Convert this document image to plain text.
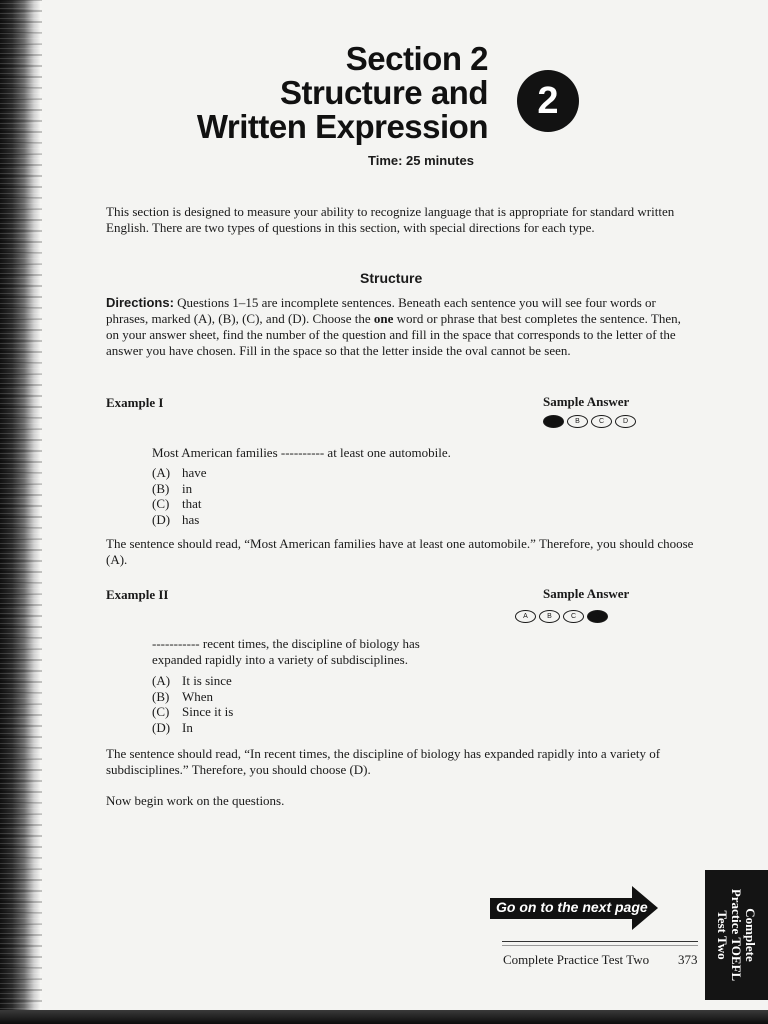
Section 2
Structure and
Written Expression
2
Time: 25 minutes
This section is designed to measure your ability to recognize language that is appropriate for standard written English. There are two types of questions in this section, with special directions for each type.
Structure
Directions: Questions 1–15 are incomplete sentences. Beneath each sentence you will see four words or phrases, marked (A), (B), (C), and (D). Choose the one word or phrase that best completes the sentence. Then, on your answer sheet, find the number of the question and fill in the space that corresponds to the letter of the answer you have chosen. Fill in the space so that the letter inside the oval cannot be seen.
Example I	Sample Answer
A	B	C	D
Most American families ---------- at least one automobile.
(A) have
(B) in
(C) that
(D) has
The sentence should read, “Most American families have at least one automobile.” Therefore, you should choose (A).
Example II	Sample Answer
A	B	C	D
----------- recent times, the discipline of biology has
expanded rapidly into a variety of subdisciplines.
(A) It is since
(B) When
(C) Since it is
(D) In
The sentence should read, “In recent times, the discipline of biology has expanded rapidly into a variety of subdisciplines.” Therefore, you should choose (D).
Now begin work on the questions.
Go on to the next page
Complete Practice Test Two 373	Complete
Practice TOEFL
Test Two
